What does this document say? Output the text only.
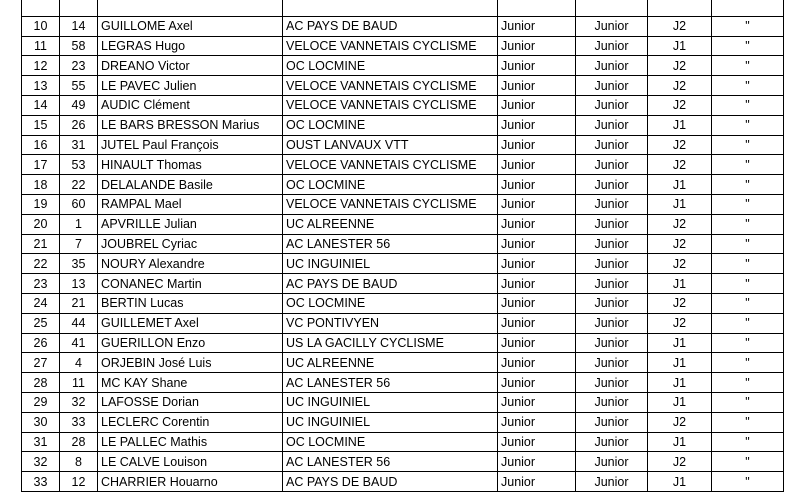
10	14	GUILLOME Axel	AC PAYS DE BAUD	Junior	Junior	J2	"
11	58	LEGRAS Hugo	VELOCE VANNETAIS CYCLISME	Junior	Junior	J1	"
12	23	DREANO Victor	OC LOCMINE	Junior	Junior	J2	"
13	55	LE PAVEC Julien	VELOCE VANNETAIS CYCLISME	Junior	Junior	J2	"
14	49	AUDIC Clément	VELOCE VANNETAIS CYCLISME	Junior	Junior	J2	"
15	26	LE BARS BRESSON Marius	OC LOCMINE	Junior	Junior	J1	"
16	31	JUTEL Paul François	OUST LANVAUX VTT	Junior	Junior	J2	"
17	53	HINAULT Thomas	VELOCE VANNETAIS CYCLISME	Junior	Junior	J2	"
18	22	DELALANDE Basile	OC LOCMINE	Junior	Junior	J1	"
19	60	RAMPAL Mael	VELOCE VANNETAIS CYCLISME	Junior	Junior	J1	"
20	1	APVRILLE Julian	UC ALREENNE	Junior	Junior	J2	"
21	7	JOUBREL Cyriac	AC LANESTER 56	Junior	Junior	J2	"
22	35	NOURY Alexandre	UC INGUINIEL	Junior	Junior	J2	"
23	13	CONANEC Martin	AC PAYS DE BAUD	Junior	Junior	J1	"
24	21	BERTIN Lucas	OC LOCMINE	Junior	Junior	J2	"
25	44	GUILLEMET Axel	VC PONTIVYEN	Junior	Junior	J2	"
26	41	GUERILLON Enzo	US LA GACILLY CYCLISME	Junior	Junior	J1	"
27	4	ORJEBIN José Luis	UC ALREENNE	Junior	Junior	J1	"
28	11	MC KAY Shane	AC LANESTER 56	Junior	Junior	J1	"
29	32	LAFOSSE Dorian	UC INGUINIEL	Junior	Junior	J1	"
30	33	LECLERC Corentin	UC INGUINIEL	Junior	Junior	J2	"
31	28	LE PALLEC Mathis	OC LOCMINE	Junior	Junior	J1	"
32	8	LE CALVE Louison	AC LANESTER 56	Junior	Junior	J2	"
33	12	CHARRIER Houarno	AC PAYS DE BAUD	Junior	Junior	J1	"
